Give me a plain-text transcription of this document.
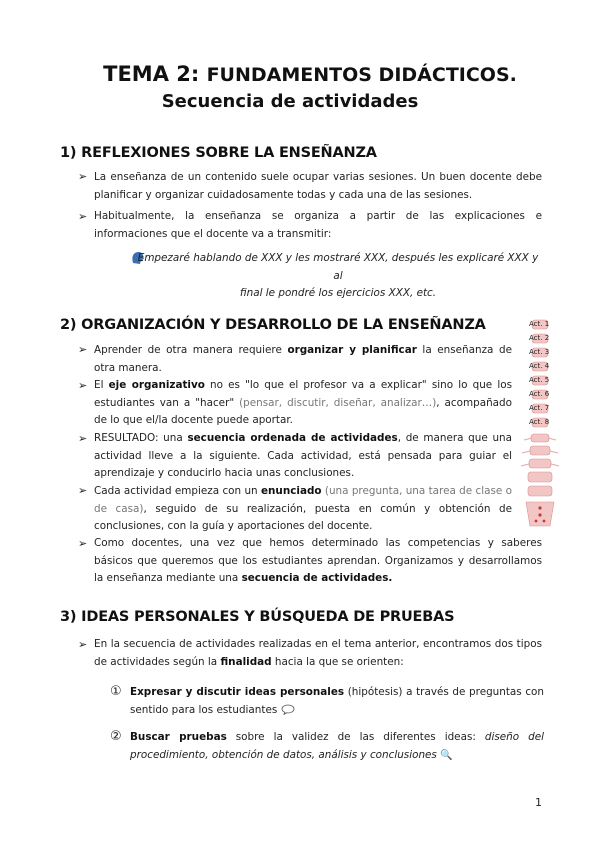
TEMA 2: FUNDAMENTOS DIDÁCTICOS.
Secuencia de actividades
1) REFLEXIONES SOBRE LA ENSEÑANZA
➢ La enseñanza de un contenido suele ocupar varias sesiones. Un buen docente debe planificar y organizar cuidadosamente todas y cada una de las sesiones.
➢ Habitualmente, la enseñanza se organiza a partir de las explicaciones e informaciones que el docente va a transmitir:
Empezaré hablando de XXX y les mostraré XXX, después les explicaré XXX y al
final le pondré los ejercicios XXX, etc.
2) ORGANIZACIÓN Y DESARROLLO DE LA ENSEÑANZA
➢ Aprender de otra manera requiere organizar y planificar la enseñanza de otra manera.
➢ El eje organizativo no es "lo que el profesor va a explicar" sino lo que los estudiantes van a "hacer" (pensar, discutir, diseñar, analizar…), acompañado de lo que el/la docente puede aportar.
➢ RESULTADO: una secuencia ordenada de actividades, de manera que una actividad lleve a la siguiente. Cada actividad, está pensada para guiar el aprendizaje y conducirlo hacia unas conclusiones.
➢ Cada actividad empieza con un enunciado (una pregunta, una tarea de clase o de casa), seguido de su realización, puesta en común y obtención de conclusiones, con la guía y aportaciones del docente.
➢ Como docentes, una vez que hemos determinado las competencias y saberes básicos que queremos que los estudiantes aprendan. Organizamos y desarrollamos la enseñanza mediante una secuencia de actividades.
Act. 1
Act. 2
Act. 3
Act. 4
Act. 5
Act. 6
Act. 7
Act. 8
3) IDEAS PERSONALES Y BÚSQUEDA DE PRUEBAS
➢ En la secuencia de actividades realizadas en el tema anterior, encontramos dos tipos de actividades según la finalidad hacia la que se orienten:
① Expresar y discutir ideas personales (hipótesis) a través de preguntas con sentido para los estudiantes
② Buscar pruebas sobre la validez de las diferentes ideas: diseño del procedimiento, obtención de datos, análisis y conclusiones 🔍
1
